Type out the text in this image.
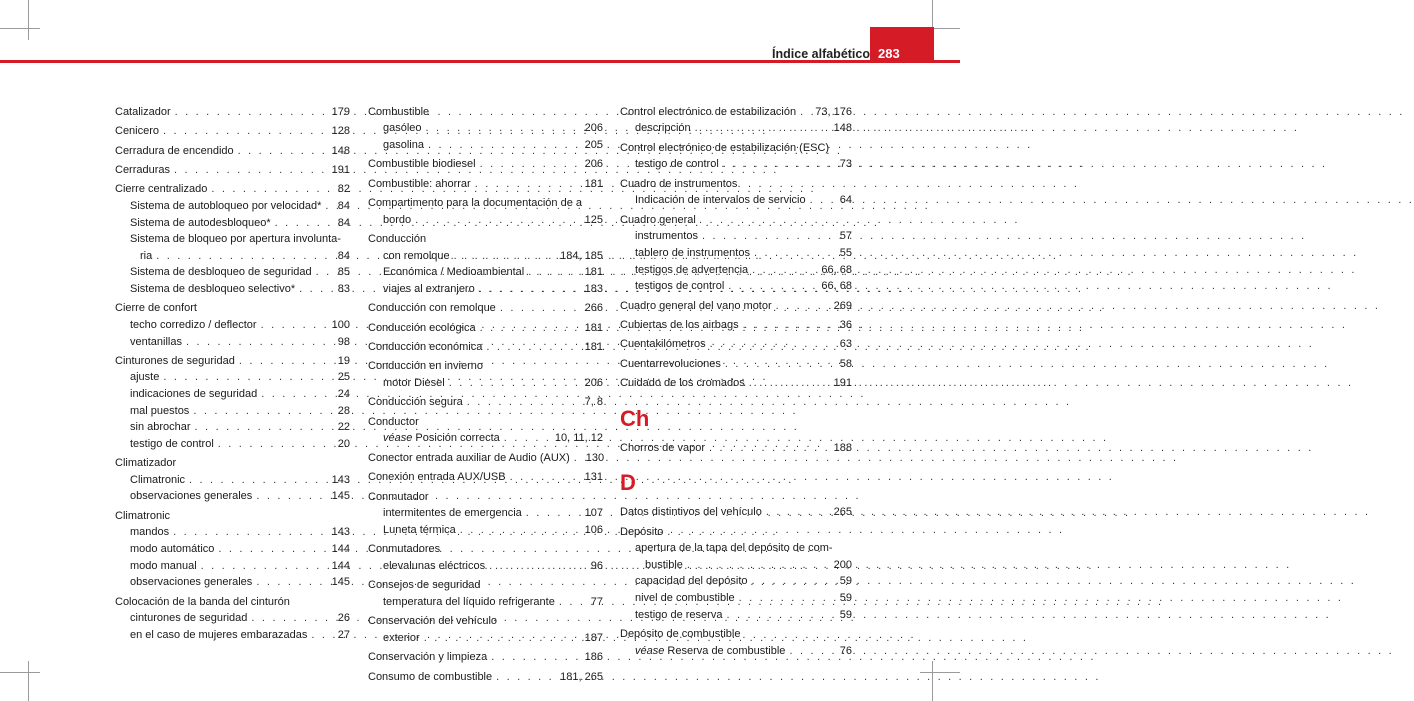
Índice alfabético 283
Catalizador . . .	179
Cenicero . . .	128
Cerradura de encendido . . .	148
Cerraduras . . .	191
Cierre centralizado . . .	82
Sistema de autobloqueo por velocidad* . . . 84
Sistema de autodesbloqueo* . . .	84
Sistema de bloqueo por apertura involunta-
ria . . .	84
Sistema de desbloqueo de seguridad . . . 85
Sistema de desbloqueo selectivo* . . .	83
Cierre de confort
techo corredizo / deflector . . .	100
ventanillas . . .	98
Cinturones de seguridad . . .	19
ajuste . . .	25
indicaciones de seguridad . . .	24
mal puestos . . .	28
sin abrochar . . .	22
testigo de control . . .	20
Climatizador
Climatronic . . .	143
observaciones generales . . .	145
Climatronic
mandos . . .	143
modo automático . . .	144
modo manual . . .	144
observaciones generales . . .	145
Colocación de la banda del cinturón
cinturones de seguridad . . .	26
en el caso de mujeres embarazadas . . .	27
Combustible
gasóleo . . .	206
gasolina . . .	205
Combustible biodiesel . . .	206
Combustible: ahorrar . . .	181
Compartimento para la documentación de a
bordo . . .	125
Conducción
con remolque . . .	184, 185
Económica / Medioambiental . . .	181
viajes al extranjero . . .	183
Conducción con remolque . . .	266
Conducción ecológica . . .	181
Conducción económica . . .	181
Conducción en invierno
motor Diesel . . .	206
Conducción segura . . .	7, 8
Conductor
véase Posición correcta . . .	10, 11, 12
Conector entrada auxiliar de Audio (AUX) . . . 130
Conexión entrada AUX/USB . . .	131
Conmutador
intermitentes de emergencia . . .	107
Luneta térmica . . .	106
Conmutadores
elevalunas eléctricos . . .	96
Consejos de seguridad
temperatura del líquido refrigerante . . .	77
Conservación del vehículo
exterior . . .	187
Conservación y limpieza . . .	186
Consumo de combustible . . .	181, 265
Control electrónico de estabilización . . . 73, 176
descripción . . .	148
Control electrónico de estabilización (ESC)
testigo de control . . .	73
Cuadro de instrumentos
Indicación de intervalos de servicio . . .	64
Cuadro general
instrumentos . . .	57
tablero de instrumentos . . .	55
testigos de advertencia . . .	66, 68
testigos de control . . .	66, 68
Cuadro general del vano motor . . .	269
Cubiertas de los airbags . . .	36
Cuentakilómetros . . .	63
Cuentarrevoluciones . . .	58
Cuidado de los cromados . . .	191
Ch
Chorros de vapor . . .	188
D
Datos distintivos del vehículo . . .	265
Depósito
apertura de la tapa del depósito de com-
bustible . . .	200
capacidad del depósito . . .	59
nivel de combustible . . .	59
testigo de reserva . . .	59
Depósito de combustible
véase Reserva de combustible . . .	76
